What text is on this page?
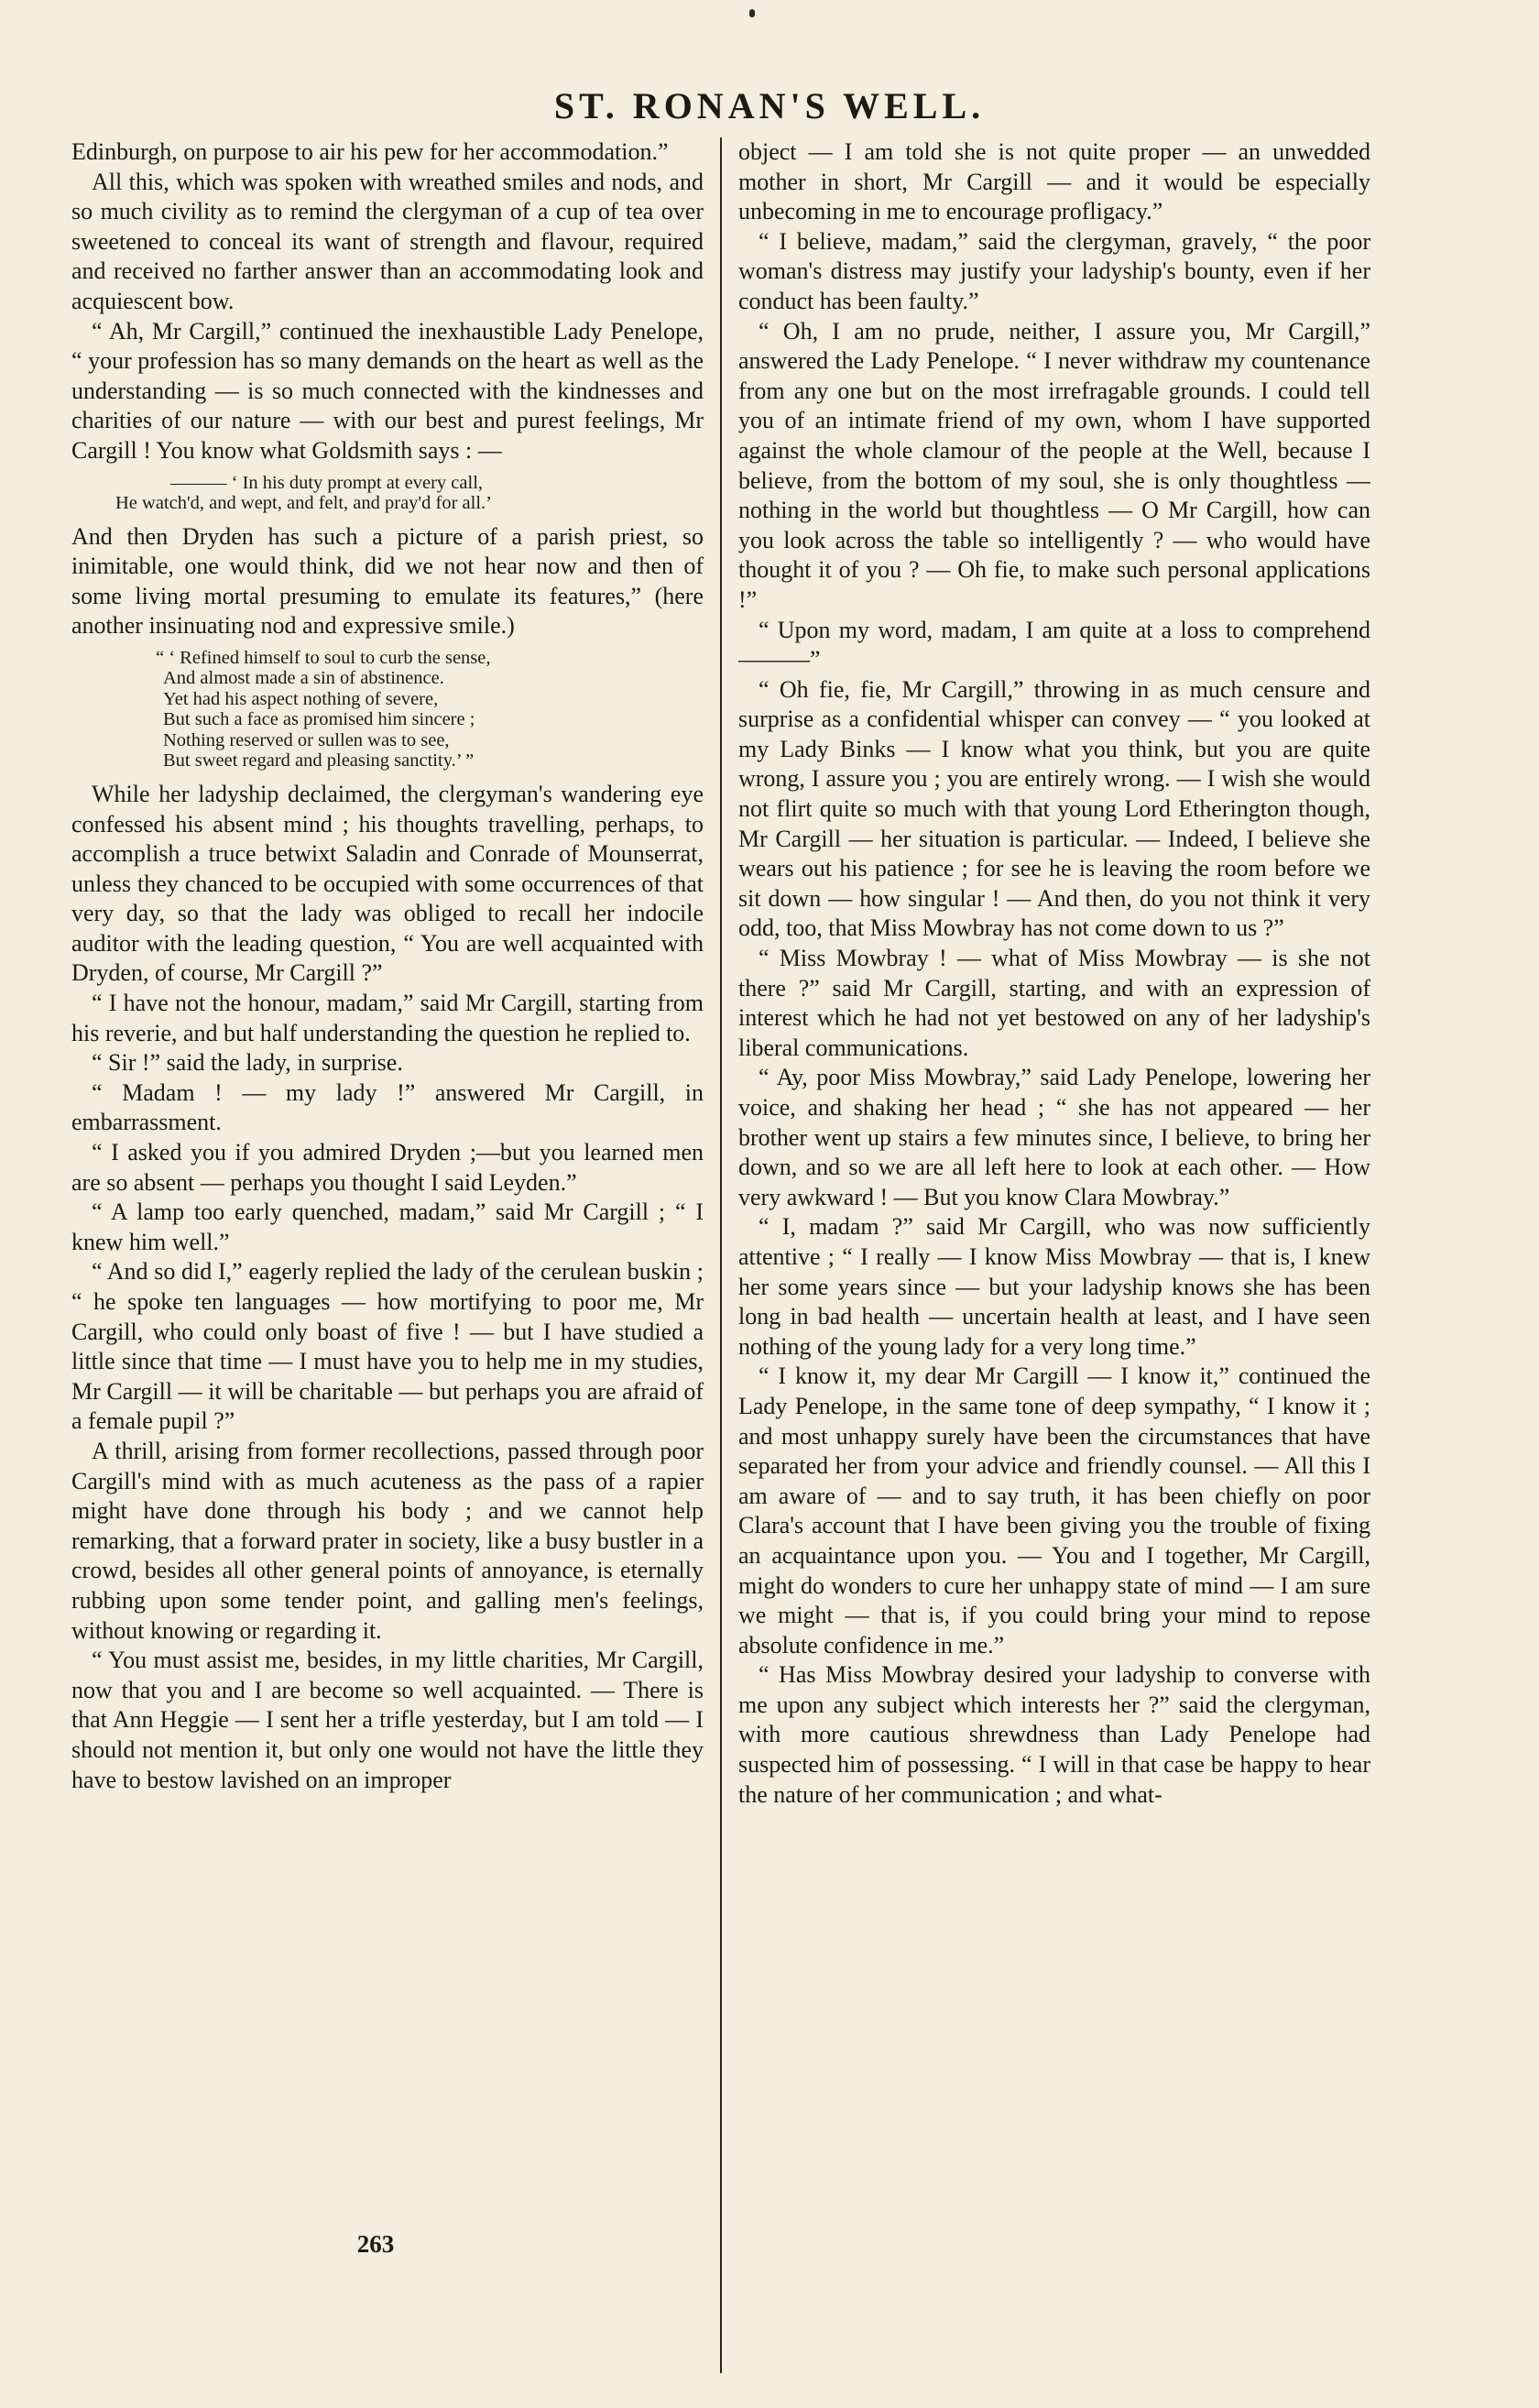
ST. RONAN'S WELL.

Edinburgh, on purpose to air his pew for her accommodation.”

All this, which was spoken with wreathed smiles and nods, and so much civility as to remind the clergyman of a cup of tea over sweetened to conceal its want of strength and flavour, required and received no farther answer than an accommodating look and acquiescent bow.

“ Ah, Mr Cargill,” continued the inexhaustible Lady Penelope, “ your profession has so many demands on the heart as well as the understanding — is so much connected with the kindnesses and charities of our nature — with our best and purest feelings, Mr Cargill ! You know what Goldsmith says : —

——— ‘ In his duty prompt at every call,
He watch'd, and wept, and felt, and pray'd for all.’

And then Dryden has such a picture of a parish priest, so inimitable, one would think, did we not hear now and then of some living mortal presuming to emulate its features,” (here another insinuating nod and expressive smile.)

“ ‘ Refined himself to soul to curb the sense,
And almost made a sin of abstinence.
Yet had his aspect nothing of severe,
But such a face as promised him sincere ;
Nothing reserved or sullen was to see,
But sweet regard and pleasing sanctity.’ ”

While her ladyship declaimed, the clergyman's wandering eye confessed his absent mind ; his thoughts travelling, perhaps, to accomplish a truce betwixt Saladin and Conrade of Mounserrat, unless they chanced to be occupied with some occurrences of that very day, so that the lady was obliged to recall her indocile auditor with the leading question, “ You are well acquainted with Dryden, of course, Mr Cargill ?”

“ I have not the honour, madam,” said Mr Cargill, starting from his reverie, and but half understanding the question he replied to.

“ Sir !” said the lady, in surprise.

“ Madam ! — my lady !” answered Mr Cargill, in embarrassment.

“ I asked you if you admired Dryden ;—but you learned men are so absent — perhaps you thought I said Leyden.”

“ A lamp too early quenched, madam,” said Mr Cargill ; “ I knew him well.”

“ And so did I,” eagerly replied the lady of the cerulean buskin ; “ he spoke ten languages — how mortifying to poor me, Mr Cargill, who could only boast of five ! — but I have studied a little since that time — I must have you to help me in my studies, Mr Cargill — it will be charitable — but perhaps you are afraid of a female pupil ?”

A thrill, arising from former recollections, passed through poor Cargill's mind with as much acuteness as the pass of a rapier might have done through his body ; and we cannot help remarking, that a forward prater in society, like a busy bustler in a crowd, besides all other general points of annoyance, is eternally rubbing upon some tender point, and galling men's feelings, without knowing or regarding it.

“ You must assist me, besides, in my little charities, Mr Cargill, now that you and I are become so well acquainted. — There is that Ann Heggie — I sent her a trifle yesterday, but I am told — I should not mention it, but only one would not have the little they have to bestow lavished on an improper

object — I am told she is not quite proper — an unwedded mother in short, Mr Cargill — and it would be especially unbecoming in me to encourage profligacy.”

“ I believe, madam,” said the clergyman, gravely, “ the poor woman's distress may justify your ladyship's bounty, even if her conduct has been faulty.”

“ Oh, I am no prude, neither, I assure you, Mr Cargill,” answered the Lady Penelope. “ I never withdraw my countenance from any one but on the most irrefragable grounds. I could tell you of an intimate friend of my own, whom I have supported against the whole clamour of the people at the Well, because I believe, from the bottom of my soul, she is only thoughtless — nothing in the world but thoughtless — O Mr Cargill, how can you look across the table so intelligently ? — who would have thought it of you ? — Oh fie, to make such personal applications !”

“ Upon my word, madam, I am quite at a loss to comprehend ———”

“ Oh fie, fie, Mr Cargill,” throwing in as much censure and surprise as a confidential whisper can convey — “ you looked at my Lady Binks — I know what you think, but you are quite wrong, I assure you ; you are entirely wrong. — I wish she would not flirt quite so much with that young Lord Etherington though, Mr Cargill — her situation is particular. — Indeed, I believe she wears out his patience ; for see he is leaving the room before we sit down — how singular ! — And then, do you not think it very odd, too, that Miss Mowbray has not come down to us ?”

“ Miss Mowbray ! — what of Miss Mowbray — is she not there ?” said Mr Cargill, starting, and with an expression of interest which he had not yet bestowed on any of her ladyship's liberal communications.

“ Ay, poor Miss Mowbray,” said Lady Penelope, lowering her voice, and shaking her head ; “ she has not appeared — her brother went up stairs a few minutes since, I believe, to bring her down, and so we are all left here to look at each other. — How very awkward ! — But you know Clara Mowbray.”

“ I, madam ?” said Mr Cargill, who was now sufficiently attentive ; “ I really — I know Miss Mowbray — that is, I knew her some years since — but your ladyship knows she has been long in bad health — uncertain health at least, and I have seen nothing of the young lady for a very long time.”

“ I know it, my dear Mr Cargill — I know it,” continued the Lady Penelope, in the same tone of deep sympathy, “ I know it ; and most unhappy surely have been the circumstances that have separated her from your advice and friendly counsel. — All this I am aware of — and to say truth, it has been chiefly on poor Clara's account that I have been giving you the trouble of fixing an acquaintance upon you. — You and I together, Mr Cargill, might do wonders to cure her unhappy state of mind — I am sure we might — that is, if you could bring your mind to repose absolute confidence in me.”

“ Has Miss Mowbray desired your ladyship to converse with me upon any subject which interests her ?” said the clergyman, with more cautious shrewdness than Lady Penelope had suspected him of possessing. “ I will in that case be happy to hear the nature of her communication ; and what-

263
